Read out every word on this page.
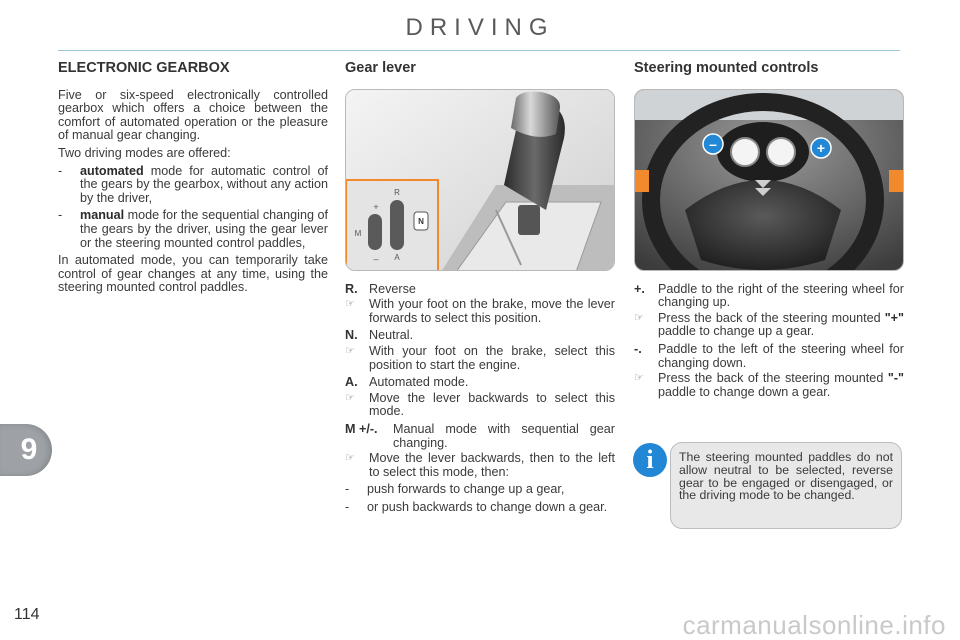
DRIVING
ELECTRONIC GEARBOX

Five or six-speed electronically controlled gearbox which offers a choice between the comfort of automated operation or the pleasure of manual gear changing.

Two driving modes are offered:

-	automated mode for automatic control of the gears by the gearbox, without any action by the driver,
-	manual mode for the sequential changing of the gears by the driver, using the gear lever or the steering mounted control paddles,

In automated mode, you can temporarily take control of gear changes at any time, using the steering mounted control paddles.

Gear lever
R
N
A
M
+
–
R. Reverse
☞	With your foot on the brake, move the lever forwards to select this position.
N. Neutral.
☞	With your foot on the brake, select this position to start the engine.
A. Automated mode.
☞	Move the lever backwards to select this mode.
M +/-.	Manual mode with sequential gear changing.
☞	Move the lever backwards, then to the left to select this mode, then:
-	push forwards to change up a gear,
-	or push backwards to change down a gear.
Steering mounted controls
–	+
+.	Paddle to the right of the steering wheel for changing up.
☞	Press the back of the steering mounted "+" paddle to change up a gear.
-.	Paddle to the left of the steering wheel for changing down.
☞	Press the back of the steering mounted "-" paddle to change down a gear.
i	The steering mounted paddles do not allow neutral to be selected, reverse gear to be engaged or disengaged, or the driving mode to be changed.
9
114	carmanualsonline.info
